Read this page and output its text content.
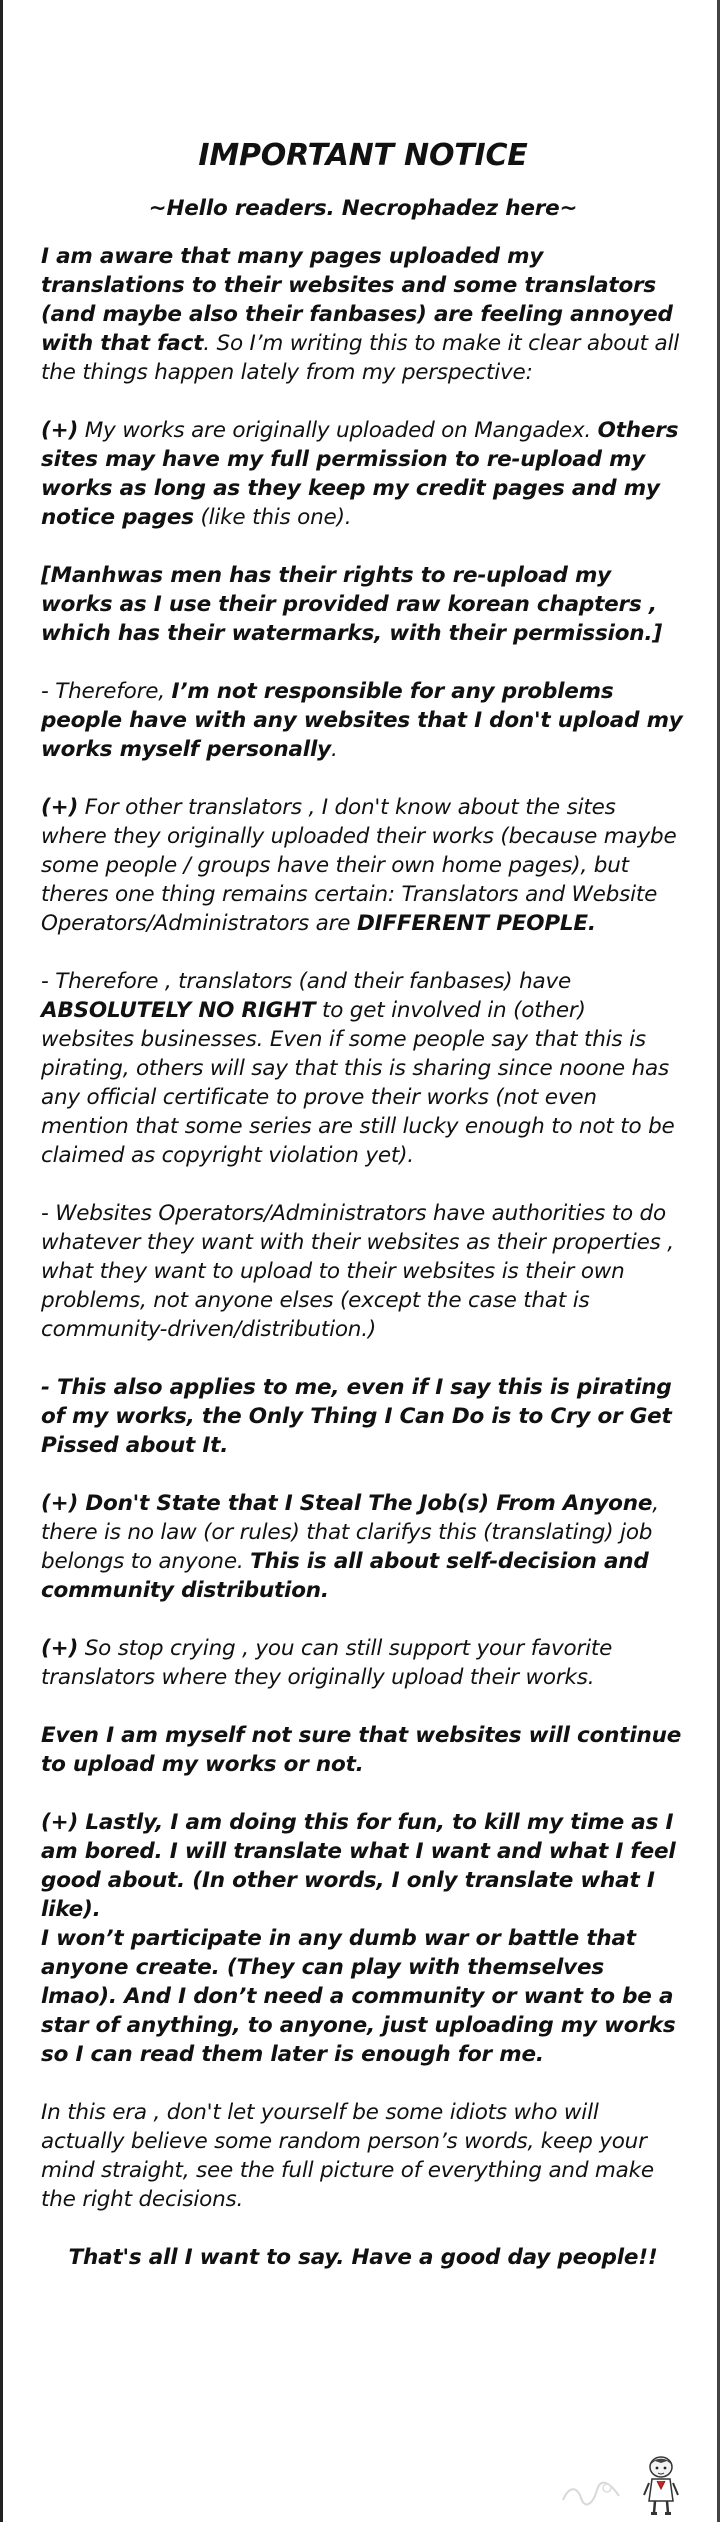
IMPORTANT NOTICE
~Hello readers. Necrophadez here~

I am aware that many pages uploaded my translations to their websites and some translators (and maybe also their fanbases) are feeling annoyed with that fact. So I’m writing this to make it clear about all the things happen lately from my perspective:

(+) My works are originally uploaded on Mangadex. Others sites may have my full permission to re-upload my works as long as they keep my credit pages and my notice pages (like this one).

[Manhwas men has their rights to re-upload my works as I use their provided raw korean chapters , which has their watermarks, with their permission.]

- Therefore, I’m not responsible for any problems people have with any websites that I don't upload my works myself personally.

(+) For other translators , I don't know about the sites where they originally uploaded their works (because maybe some people / groups have their own home pages), but theres one thing remains certain: Translators and Website Operators/Administrators are DIFFERENT PEOPLE.

- Therefore , translators (and their fanbases) have ABSOLUTELY NO RIGHT to get involved in (other) websites businesses. Even if some people say that this is pirating, others will say that this is sharing since noone has any official certificate to prove their works (not even mention that some series are still lucky enough to not to be claimed as copyright violation yet).

- Websites Operators/Administrators have authorities to do whatever they want with their websites as their properties , what they want to upload to their websites is their own problems, not anyone elses (except the case that is community-driven/distribution.)

- This also applies to me, even if I say this is pirating of my works, the Only Thing I Can Do is to Cry or Get Pissed about It.

(+) Don't State that I Steal The Job(s) From Anyone, there is no law (or rules) that clarifys this (translating) job belongs to anyone. This is all about self-decision and community distribution.

(+) So stop crying , you can still support your favorite translators where they originally upload their works.

Even I am myself not sure that websites will continue to upload my works or not.

(+) Lastly, I am doing this for fun, to kill my time as I am bored. I will translate what I want and what I feel good about. (In other words, I only translate what I like).

I won’t participate in any dumb war or battle that anyone create. (They can play with themselves lmao). And I don’t need a community or want to be a star of anything, to anyone, just uploading my works so I can read them later is enough for me.

In this era , don't let yourself be some idiots who will actually believe some random person’s words, keep your mind straight, see the full picture of everything and make the right decisions.

That's all I want to say. Have a good day people!!
